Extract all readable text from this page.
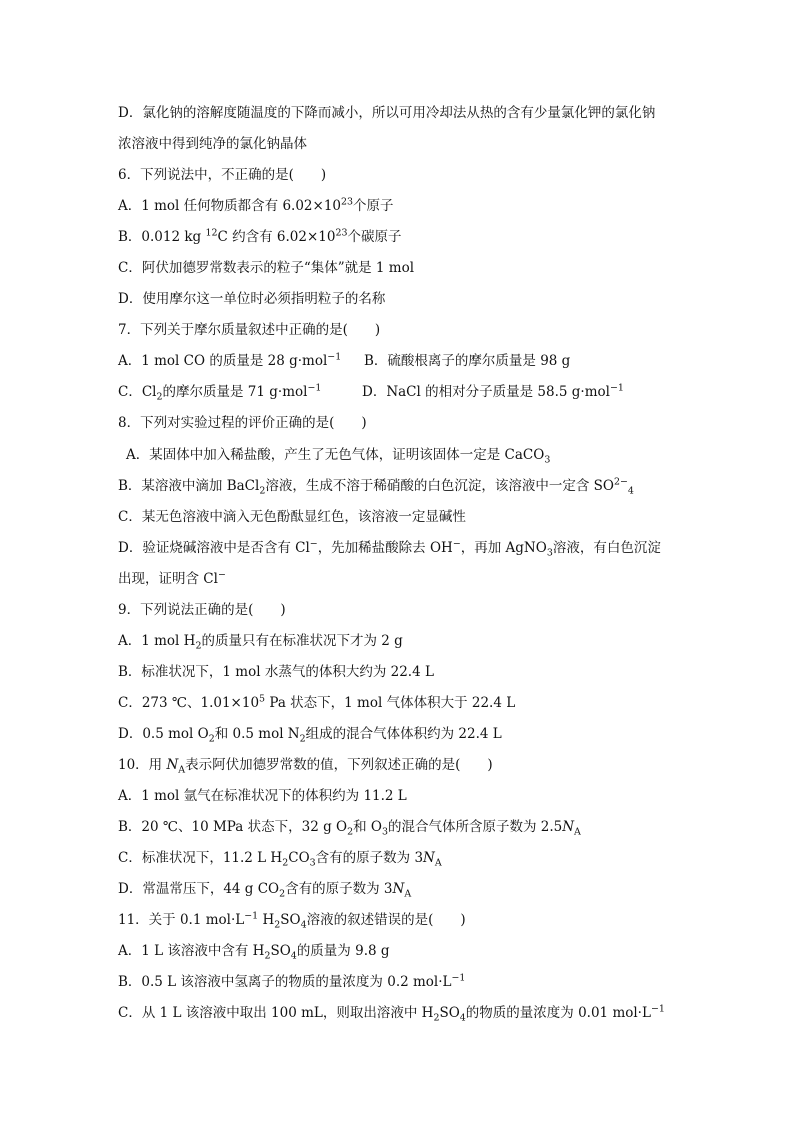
D．氯化钠的溶解度随温度的下降而减小，所以可用冷却法从热的含有少量氯化钾的氯化钠
浓溶液中得到纯净的氯化钠晶体
6．下列说法中，不正确的是(　　)
A．1 mol 任何物质都含有 $6.02\times 10^{23}$个原子
B．0.012 kg $^{12}$C 约含有 $6.02\times 10^{23}$个碳原子
C．阿伏加德罗常数表示的粒子“集体”就是 1 mol
D．使用摩尔这一单位时必须指明粒子的名称
7．下列关于摩尔质量叙述中正确的是(　　)
A．1 mol CO 的质量是 28 g·mol$^{-1}$ B．硫酸根离子的摩尔质量是 98 g
C．$Cl_2$的摩尔质量是 71 g·mol$^{-1}$	D．NaCl 的相对分子质量是 58.5 g·mol$^{-1}$
8．下列对实验过程的评价正确的是(　　)
A．某固体中加入稀盐酸，产生了无色气体，证明该固体一定是 CaCO$_3$
B．某溶液中滴加 BaCl$_2$溶液，生成不溶于稀硝酸的白色沉淀，该溶液中一定含 $SO^{2-}_4$
C．某无色溶液中滴入无色酚酞显红色，该溶液一定显碱性
D．验证烧碱溶液中是否含有 Cl−，先加稀盐酸除去 OH−，再加 AgNO$_3$溶液，有白色沉淀
出现，证明含 Cl−
9．下列说法正确的是(　　)
A．1 mol $H_2$的质量只有在标准状况下才为 2 g
B．标准状况下，1 mol 水蒸气的体积大约为 22.4 L
C．273 ℃、$1.01\times 10^5$ Pa 状态下，1 mol 气体体积大于 22.4 L
D．0.5 mol $O_2$和 0.5 mol $N_2$组成的混合气体体积约为 22.4 L
10．用 $N_A$表示阿伏加德罗常数的值，下列叙述正确的是(　　)
A．1 mol 氩气在标准状况下的体积约为 11.2 L
B．20 ℃、10 MPa 状态下，32 g $O_2$和 $O_3$的混合气体所含原子数为 $2.5N_A$
C．标准状况下，11.2 L $H_2CO_3$含有的原子数为 $3N_A$
D．常温常压下，44 g $CO_2$含有的原子数为 $3N_A$
11．关于 0.1 $mol\cdot L^{-1}$ $H_2SO_4$溶液的叙述错误的是(　　)
A．1 L 该溶液中含有 $H_2SO_4$的质量为 9.8 g
B．0.5 L 该溶液中氢离子的物质的量浓度为 0.2 $mol\cdot L^{-1}$
C．从 1 L 该溶液中取出 100 mL，则取出溶液中 $H_2SO_4$的物质的量浓度为 0.01 $mol\cdot L^{-1}$
